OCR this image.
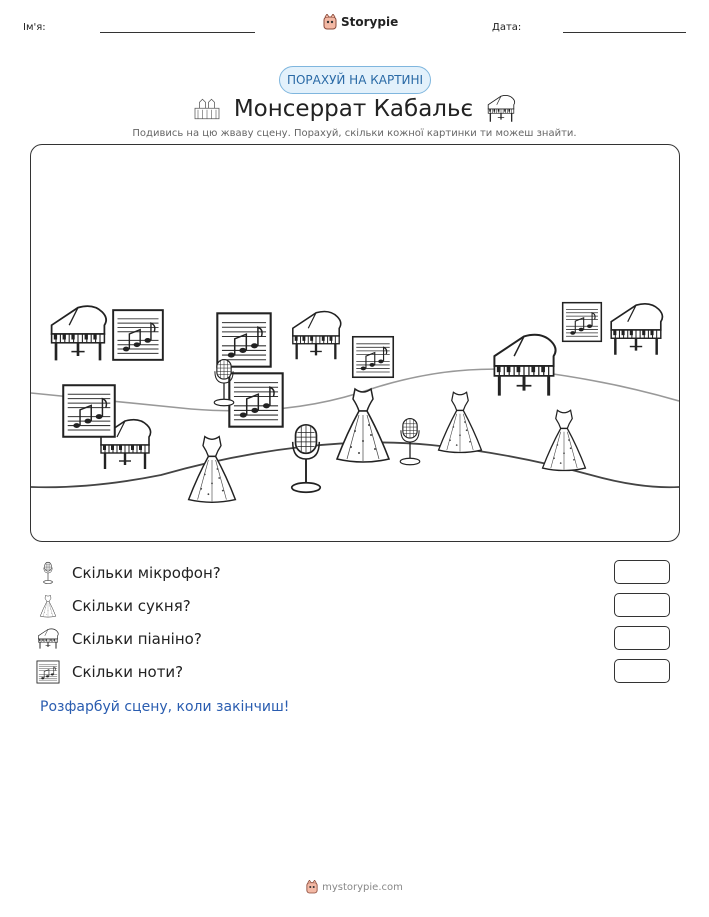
Ім'я:	Storypie	Дата:
ПОРАХУЙ НА КАРТИНІ
Монсеррат Кабальє
Подивись на цю жваву сцену. Порахуй, скільки кожної картинки ти можеш знайти.
Скільки мікрофон?
Скільки сукня?
Скільки піаніно?
Скільки ноти?
Розфарбуй сцену, коли закінчиш!
mystorypie.com
